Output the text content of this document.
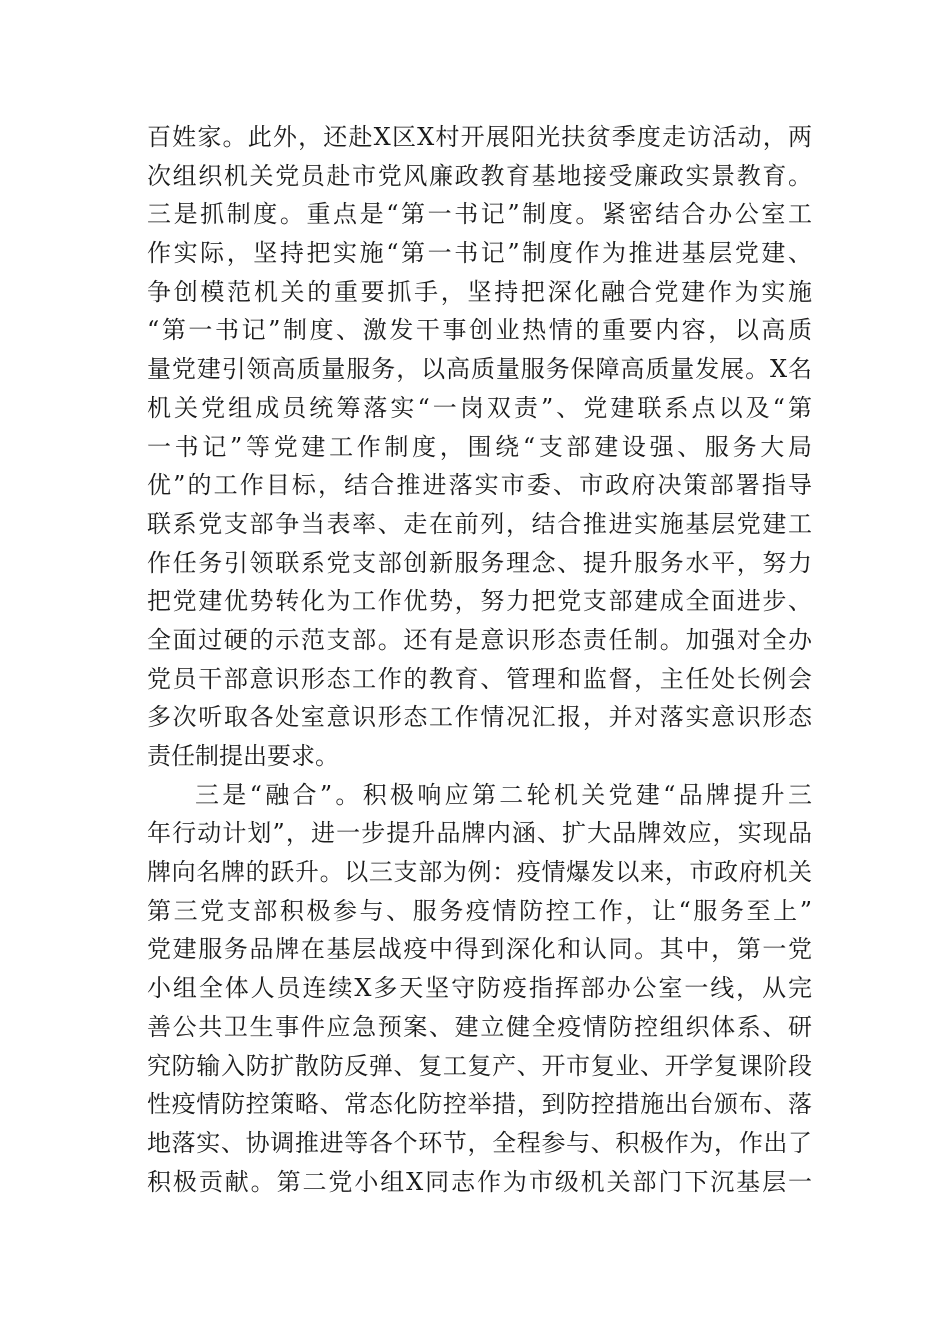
百姓家。此外，还赴X区X村开展阳光扶贫季度走访活动，两
次组织机关党员赴市党风廉政教育基地接受廉政实景教育。
三是抓制度。重点是“第一书记”制度。紧密结合办公室工
作实际，坚持把实施“第一书记”制度作为推进基层党建、
争创模范机关的重要抓手，坚持把深化融合党建作为实施
“第一书记”制度、激发干事创业热情的重要内容，以高质
量党建引领高质量服务，以高质量服务保障高质量发展。X名
机关党组成员统筹落实“一岗双责”、党建联系点以及“第
一书记”等党建工作制度，围绕“支部建设强、服务大局
优”的工作目标，结合推进落实市委、市政府决策部署指导
联系党支部争当表率、走在前列，结合推进实施基层党建工
作任务引领联系党支部创新服务理念、提升服务水平，努力
把党建优势转化为工作优势，努力把党支部建成全面进步、
全面过硬的示范支部。还有是意识形态责任制。加强对全办
党员干部意识形态工作的教育、管理和监督，主任处长例会
多次听取各处室意识形态工作情况汇报，并对落实意识形态
责任制提出要求。
三是“融合”。积极响应第二轮机关党建“品牌提升三
年行动计划”，进一步提升品牌内涵、扩大品牌效应，实现品
牌向名牌的跃升。以三支部为例：疫情爆发以来，市政府机关
第三党支部积极参与、服务疫情防控工作，让“服务至上”
党建服务品牌在基层战疫中得到深化和认同。其中，第一党
小组全体人员连续X多天坚守防疫指挥部办公室一线，从完
善公共卫生事件应急预案、建立健全疫情防控组织体系、研
究防输入防扩散防反弹、复工复产、开市复业、开学复课阶段
性疫情防控策略、常态化防控举措，到防控措施出台颁布、落
地落实、协调推进等各个环节，全程参与、积极作为，作出了
积极贡献。第二党小组X同志作为市级机关部门下沉基层一
